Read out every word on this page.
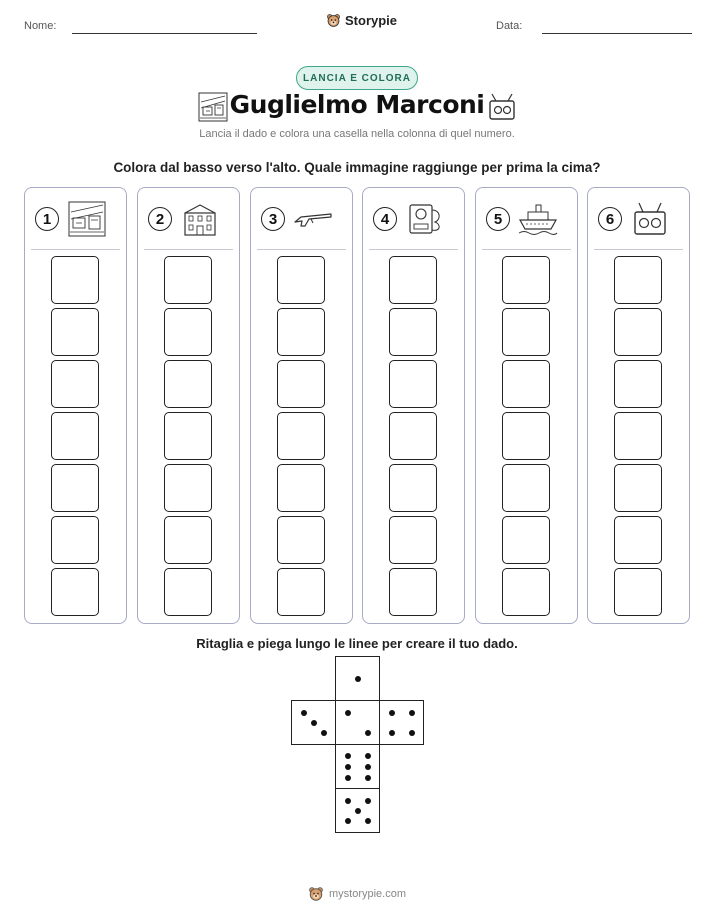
Nome:	Storypie	Data:
LANCIA E COLORA
Guglielmo Marconi
Lancia il dado e colora una casella nella colonna di quel numero.
Colora dal basso verso l'alto. Quale immagine raggiunge per prima la cima?
1	2	3	4	5	6
Ritaglia e piega lungo le linee per creare il tuo dado.
mystorypie.com
